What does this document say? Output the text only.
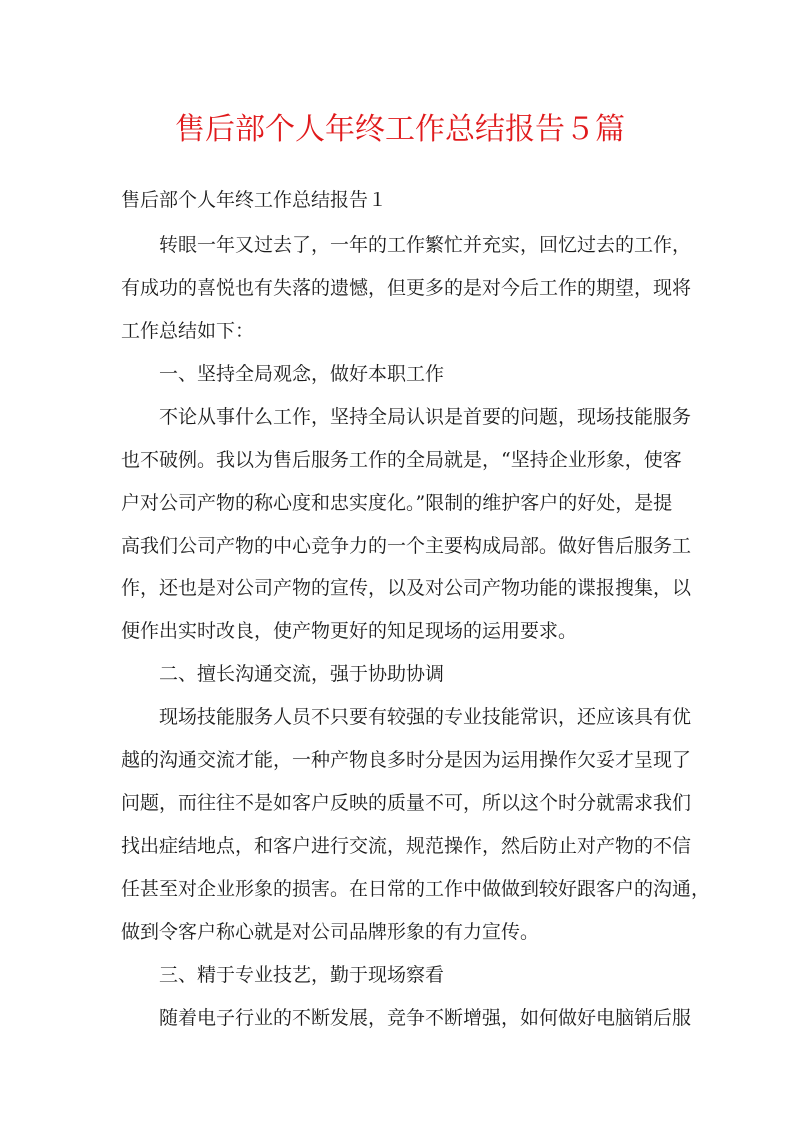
售后部个人年终工作总结报告５篇
售后部个人年终工作总结报告１
转眼一年又过去了，一年的工作繁忙并充实，回忆过去的工作，
有成功的喜悦也有失落的遗憾，但更多的是对今后工作的期望，现将
工作总结如下：
一、坚持全局观念，做好本职工作
不论从事什么工作，坚持全局认识是首要的问题，现场技能服务
也不破例。我以为售后服务工作的全局就是，“坚持企业形象，使客
户对公司产物的称心度和忠实度化。”限制的维护客户的好处，是提
高我们公司产物的中心竞争力的一个主要构成局部。做好售后服务工
作，还也是对公司产物的宣传，以及对公司产物功能的谍报搜集，以
便作出实时改良，使产物更好的知足现场的运用要求。
二、擅长沟通交流，强于协助协调
现场技能服务人员不只要有较强的专业技能常识，还应该具有优
越的沟通交流才能，一种产物良多时分是因为运用操作欠妥才呈现了
问题，而往往不是如客户反映的质量不可，所以这个时分就需求我们
找出症结地点，和客户进行交流，规范操作，然后防止对产物的不信
任甚至对企业形象的损害。在日常的工作中做做到较好跟客户的沟通，
做到令客户称心就是对公司品牌形象的有力宣传。
三、精于专业技艺，勤于现场察看
随着电子行业的不断发展，竞争不断增强，如何做好电脑销后服
